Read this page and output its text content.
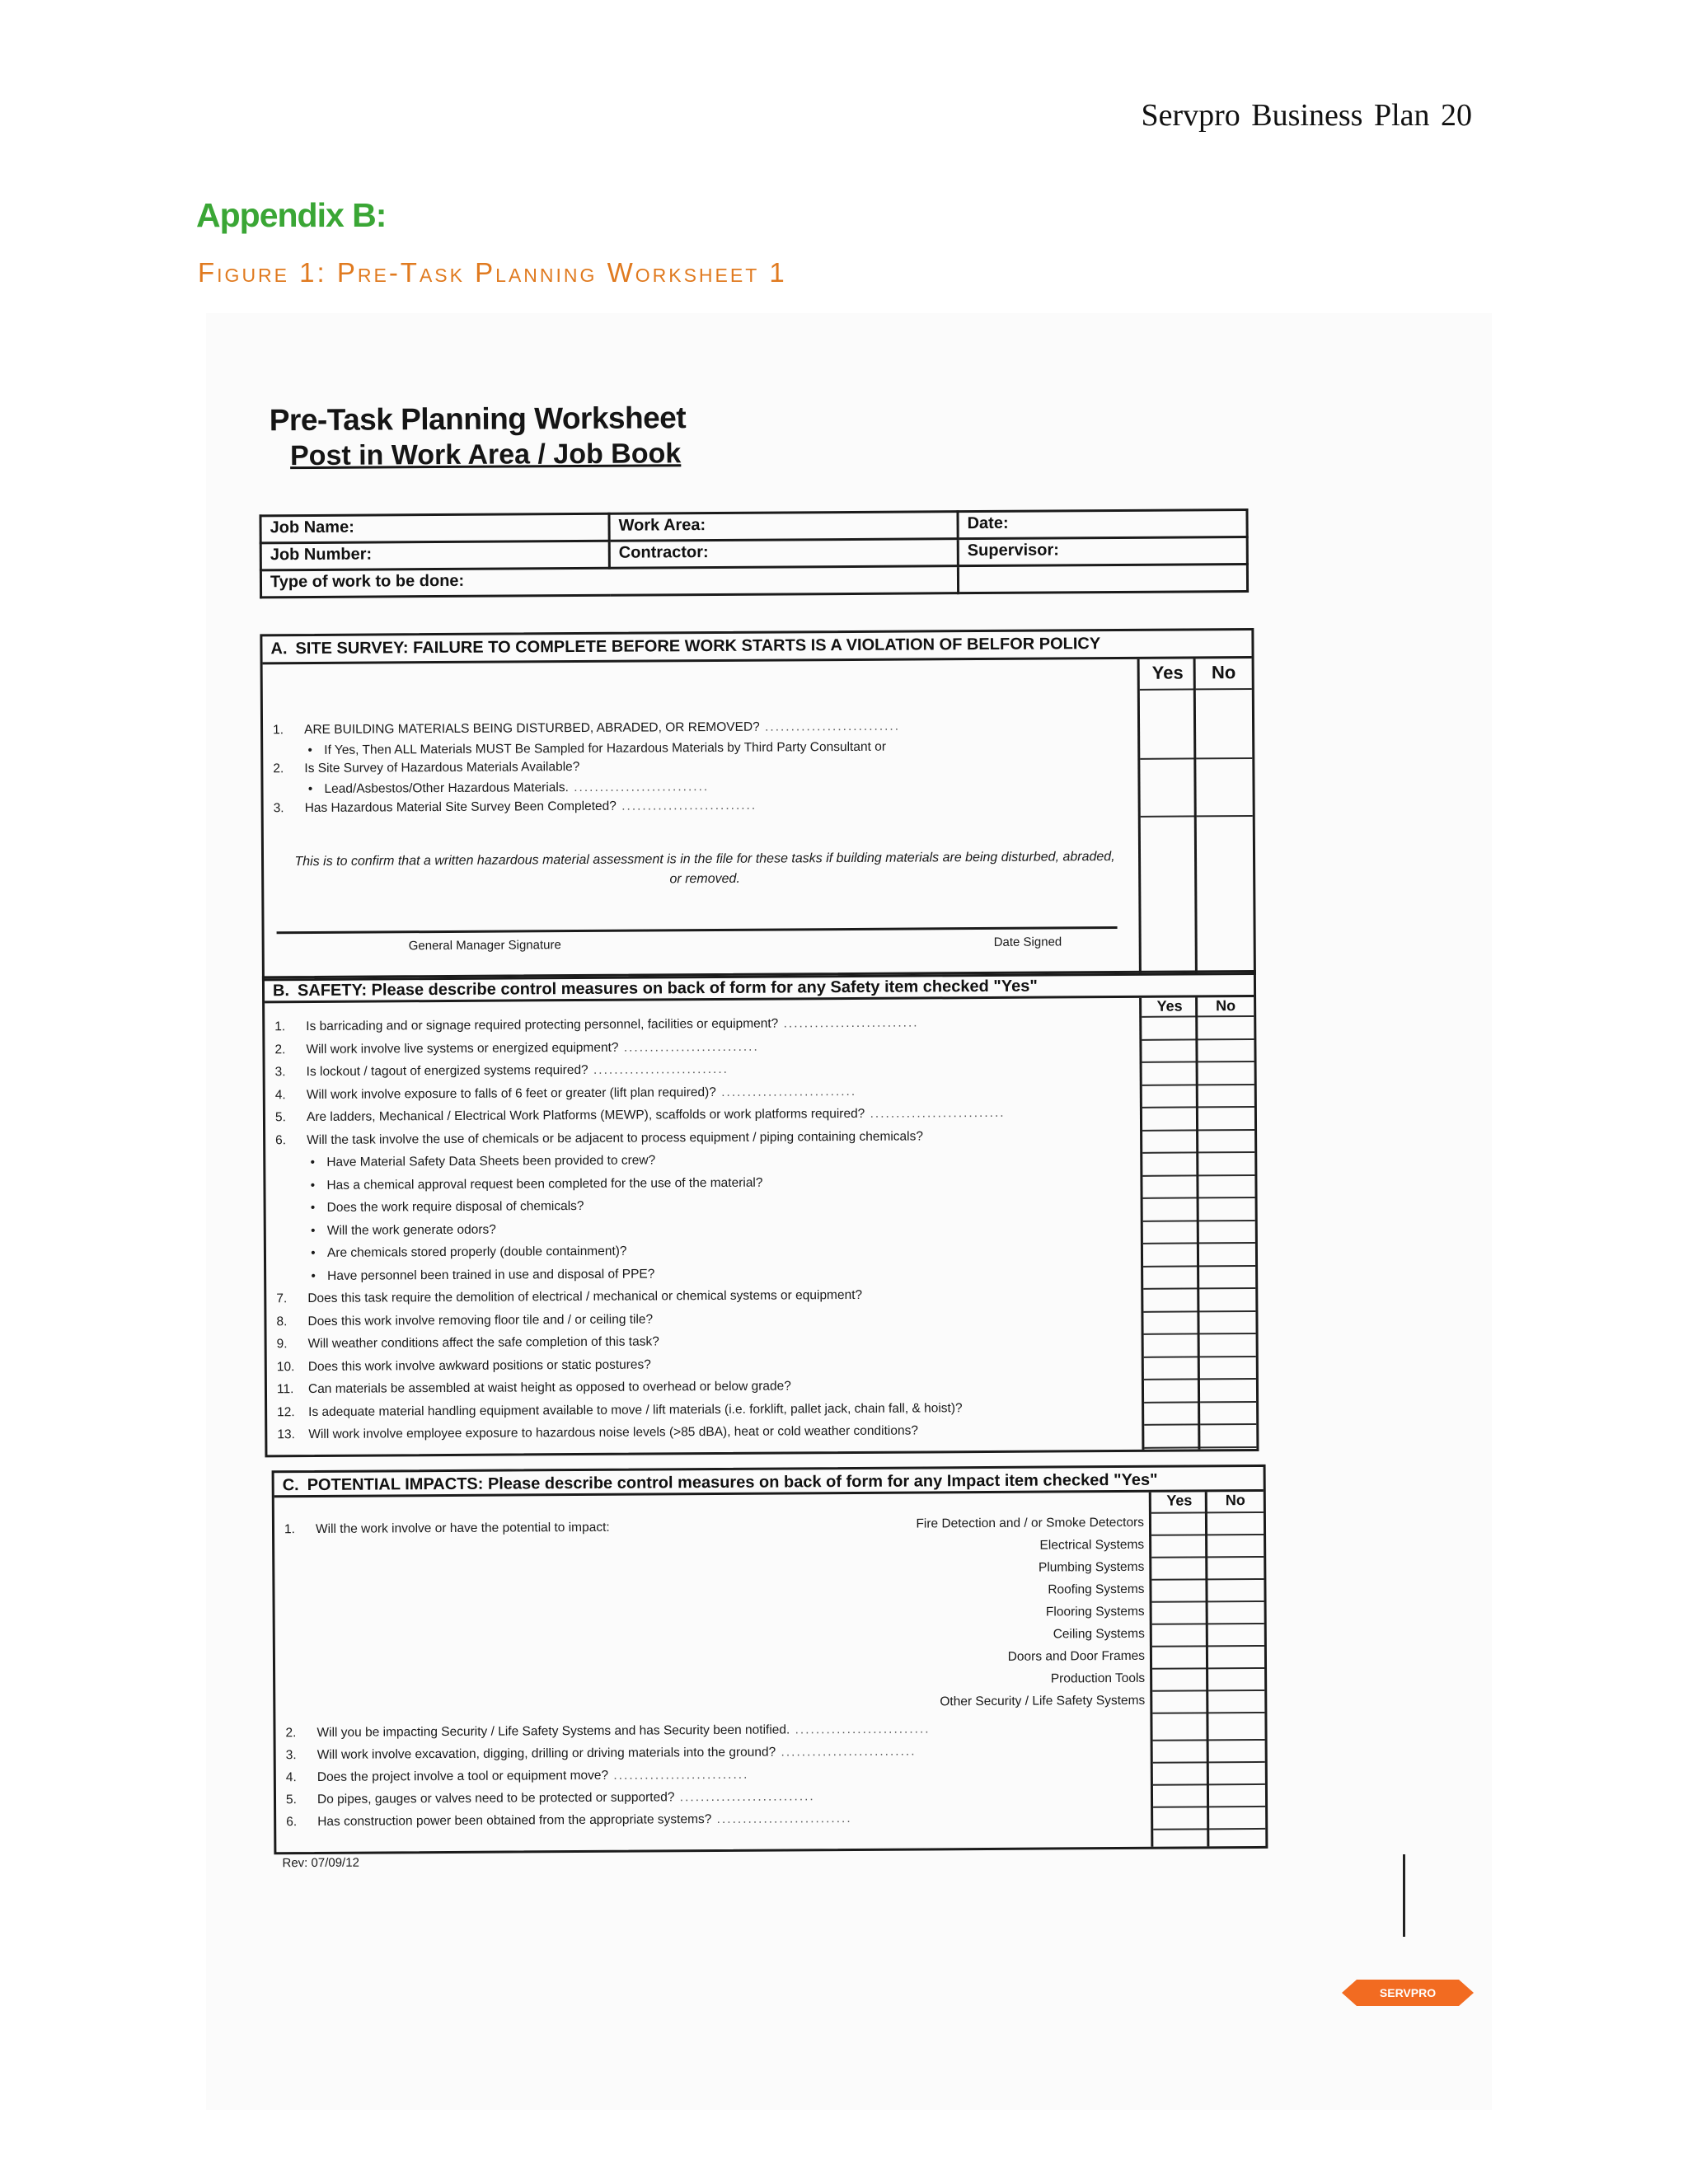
Servpro Business Plan 20
Appendix B:
Figure 1: Pre-Task Planning Worksheet 1
Pre-Task Planning Worksheet
Post in Work Area / Job Book
Job Name:	Work Area:	Date:
Job Number:	Contractor:	Supervisor:
Type of work to be done:		
A. SITE SURVEY: FAILURE TO COMPLETE BEFORE WORK STARTS IS A VIOLATION OF BELFOR POLICY
Yes	No
1. ARE BUILDING MATERIALS BEING DISTURBED, ABRADED, OR REMOVED? ..........................
• If Yes, Then ALL Materials MUST Be Sampled for Hazardous Materials by Third Party Consultant or
2. Is Site Survey of Hazardous Materials Available?
• Lead/Asbestos/Other Hazardous Materials. ..........................
3. Has Hazardous Material Site Survey Been Completed? ..........................
This is to confirm that a written hazardous material assessment is in the file for these tasks if building materials are being disturbed, abraded, or removed.
General Manager Signature	Date Signed
B. SAFETY: Please describe control measures on back of form for any Safety item checked "Yes"
Yes	No
1. Is barricading and or signage required protecting personnel, facilities or equipment? ..........................
2. Will work involve live systems or energized equipment? ..........................
3. Is lockout / tagout of energized systems required? ..........................
4. Will work involve exposure to falls of 6 feet or greater (lift plan required)? ..........................
5. Are ladders, Mechanical / Electrical Work Platforms (MEWP), scaffolds or work platforms required? ..........................
6. Will the task involve the use of chemicals or be adjacent to process equipment / piping containing chemicals?
• Have Material Safety Data Sheets been provided to crew?
• Has a chemical approval request been completed for the use of the material?
• Does the work require disposal of chemicals?
• Will the work generate odors?
• Are chemicals stored properly (double containment)?
• Have personnel been trained in use and disposal of PPE?
7. Does this task require the demolition of electrical / mechanical or chemical systems or equipment?
8. Does this work involve removing floor tile and / or ceiling tile?
9. Will weather conditions affect the safe completion of this task?
10. Does this work involve awkward positions or static postures?
11. Can materials be assembled at waist height as opposed to overhead or below grade?
12. Is adequate material handling equipment available to move / lift materials (i.e. forklift, pallet jack, chain fall, & hoist)?
13. Will work involve employee exposure to hazardous noise levels (>85 dBA), heat or cold weather conditions?
C. POTENTIAL IMPACTS: Please describe control measures on back of form for any Impact item checked "Yes"
Yes	No
1. Will the work involve or have the potential to impact:	Fire Detection and / or Smoke Detectors
Electrical Systems
Plumbing Systems
Roofing Systems
Flooring Systems
Ceiling Systems
Doors and Door Frames
Production Tools
Other Security / Life Safety Systems
2. Will you be impacting Security / Life Safety Systems and has Security been notified. ..........................
3. Will work involve excavation, digging, drilling or driving materials into the ground? ..........................
4. Does the project involve a tool or equipment move? ..........................
5. Do pipes, gauges or valves need to be protected or supported? ..........................
6. Has construction power been obtained from the appropriate systems? ..........................
Rev: 07/09/12
SERVPRO
